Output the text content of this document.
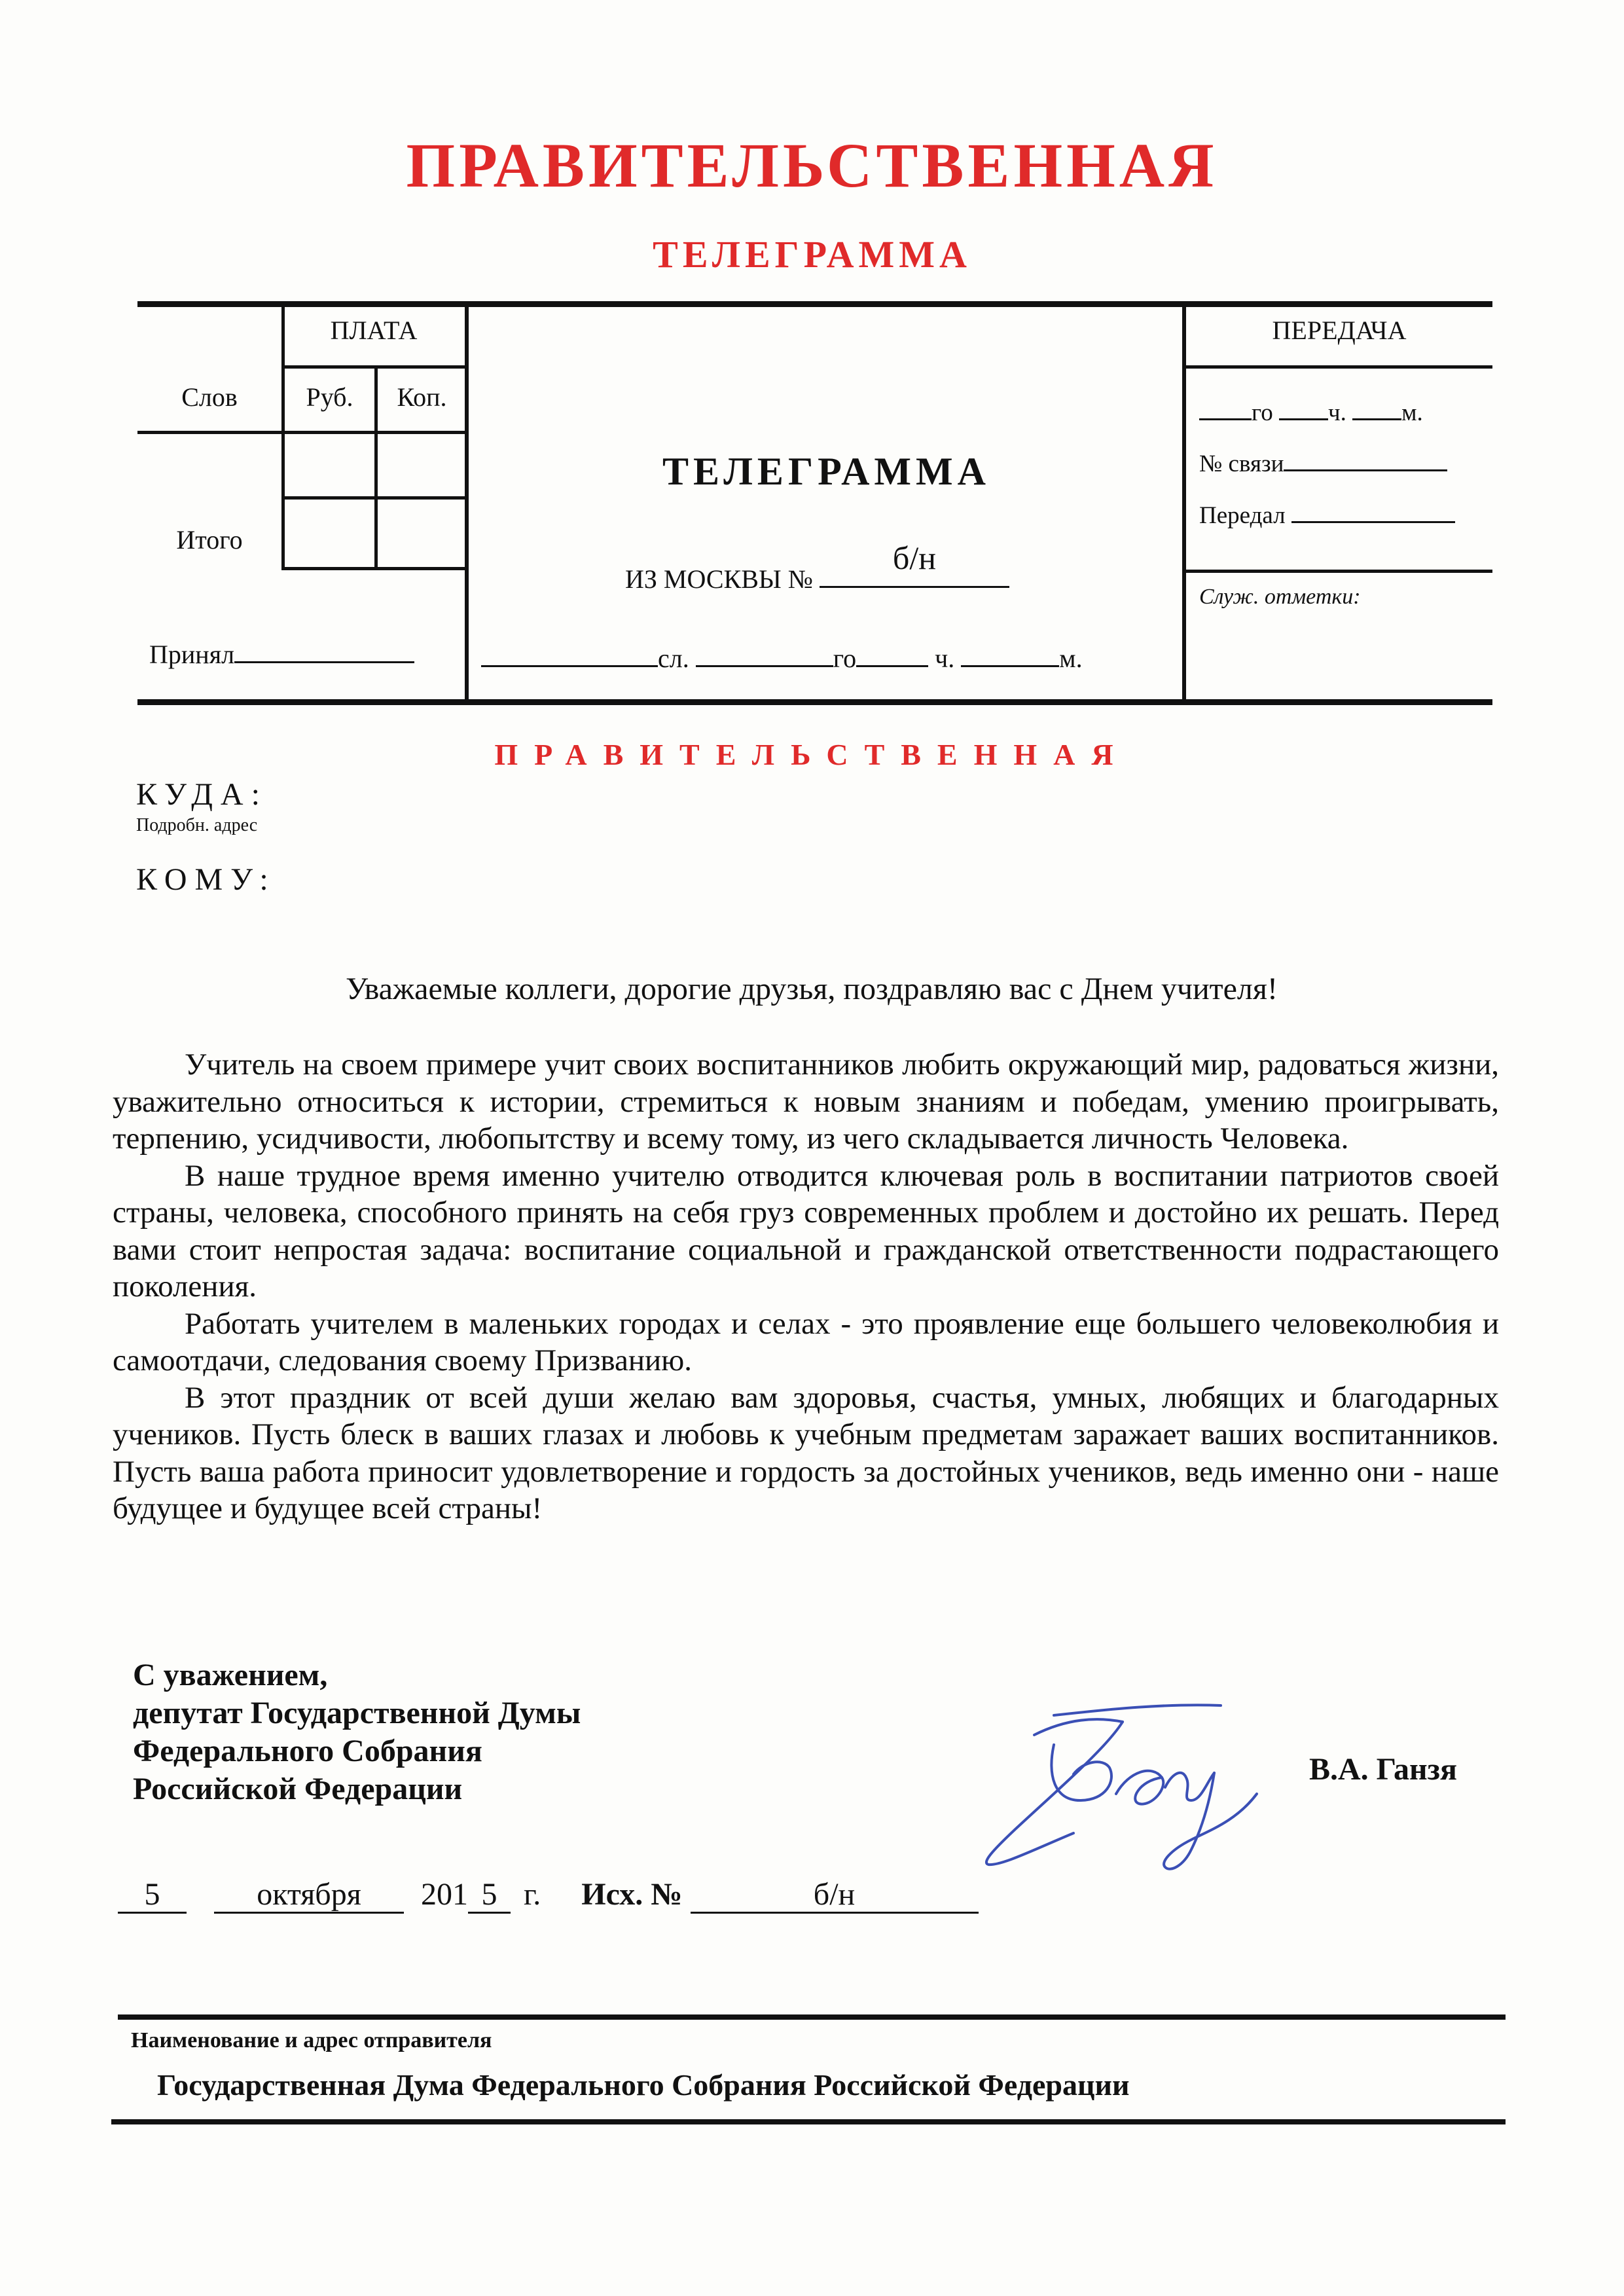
ПРАВИТЕЛЬСТВЕННАЯ
ТЕЛЕГРАММА
ПЛАТА
Слов	Руб.	Коп.
Итого
Принял
ТЕЛЕГРАММА
ИЗ МОСКВЫ №
б/н
сл.	го	ч.	м.
ПЕРЕДАЧА
го ч. м.
№ связи
Передал
Служ. отметки:
ПРАВИТЕЛЬСТВЕННАЯ
КУДА:
Подробн. адрес
КОМУ:
Уважаемые коллеги, дорогие друзья, поздравляю вас с Днем учителя!

Учитель на своем примере учит своих воспитанников любить окружающий мир, радоваться жизни, уважительно относиться к истории, стремиться к новым знаниям и победам, умению проигрывать, терпению, усидчивости, любопытству и всему тому, из чего складывается личность Человека.

В наше трудное время именно учителю отводится ключевая роль в воспитании патриотов своей страны, человека, способного принять на себя груз современных проблем и достойно их решать. Перед вами стоит непростая задача: воспитание социальной и гражданской ответственности подрастающего поколения.

Работать учителем в маленьких городах и селах - это проявление еще большего человеколюбия и самоотдачи, следования своему Призванию.

В этот праздник от всей души желаю вам здоровья, счастья, умных, любящих и благодарных учеников. Пусть блеск в ваших глазах и любовь к учебным предметам заражает ваших воспитанников. Пусть ваша работа приносит удовлетворение и гордость за достойных учеников, ведь именно они - наше будущее и будущее всей страны!

С уважением,
депутат Государственной Думы
Федерального Собрания
Российской Федерации
В.А. Ганзя
5	октября 201 5 г. Исх. №	б/н
Наименование и адрес отправителя
Государственная Дума Федерального Собрания Российской Федерации
